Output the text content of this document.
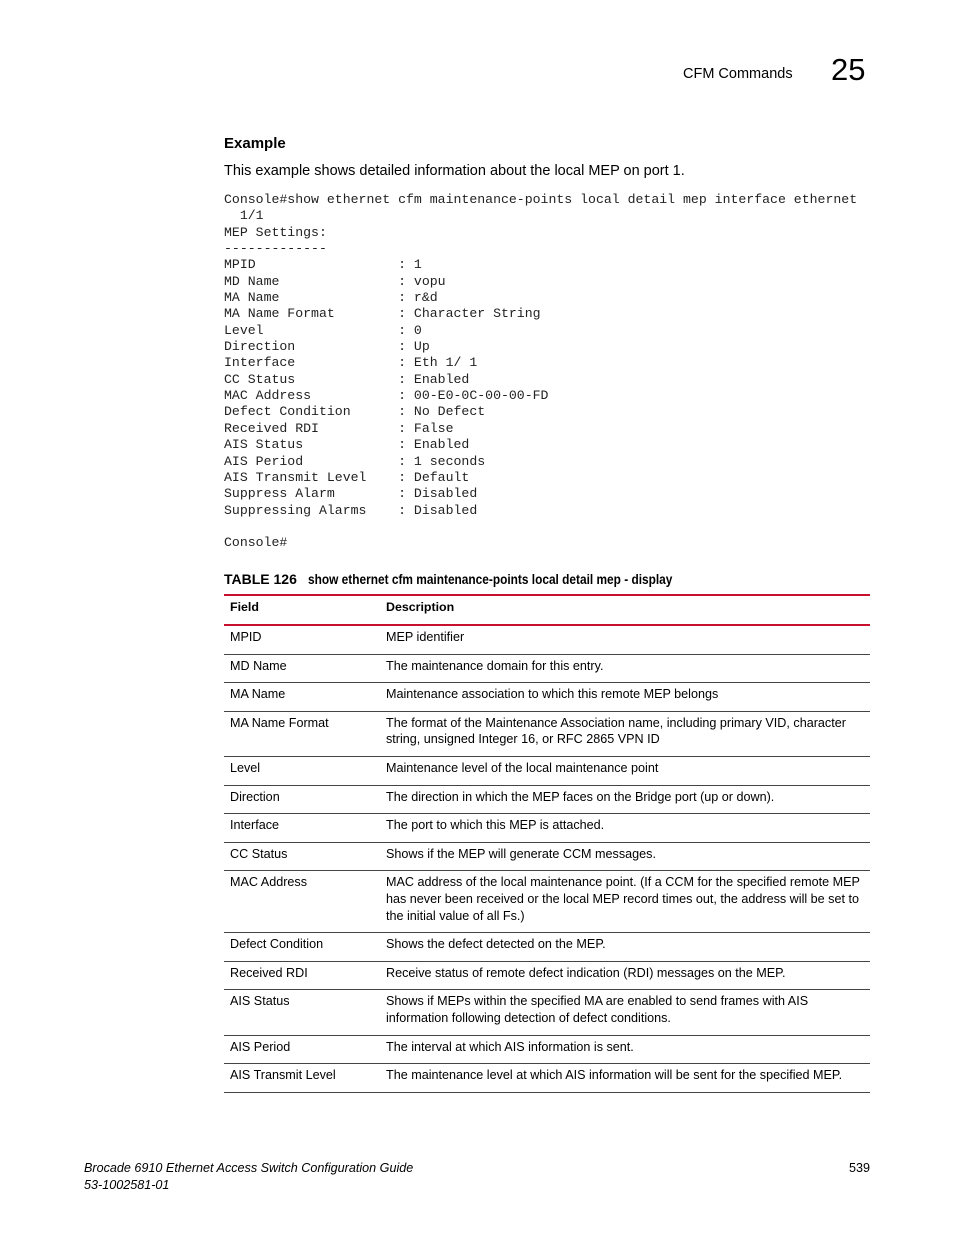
CFM Commands 25
Example
This example shows detailed information about the local MEP on port 1.
Console#show ethernet cfm maintenance-points local detail mep interface ethernet
1/1
MEP Settings:
-------------
MPID                  : 1
MD Name               : vopu
MA Name               : r&d
MA Name Format        : Character String
Level                 : 0
Direction             : Up
Interface             : Eth 1/ 1
CC Status             : Enabled
MAC Address           : 00-E0-0C-00-00-FD
Defect Condition      : No Defect
Received RDI          : False
AIS Status            : Enabled
AIS Period            : 1 seconds
AIS Transmit Level    : Default
Suppress Alarm        : Disabled
Suppressing Alarms    : Disabled

Console#
TABLE 126 show ethernet cfm maintenance-points local detail mep - display
Field	Description
MPID	MEP identifier
MD Name	The maintenance domain for this entry.
MA Name	Maintenance association to which this remote MEP belongs
MA Name Format	The format of the Maintenance Association name, including primary VID, character string, unsigned Integer 16, or RFC 2865 VPN ID
Level	Maintenance level of the local maintenance point
Direction	The direction in which the MEP faces on the Bridge port (up or down).
Interface	The port to which this MEP is attached.
CC Status	Shows if the MEP will generate CCM messages.
MAC Address	MAC address of the local maintenance point. (If a CCM for the specified remote MEP has never been received or the local MEP record times out, the address will be set to the initial value of all Fs.)
Defect Condition	Shows the defect detected on the MEP.
Received RDI	Receive status of remote defect indication (RDI) messages on the MEP.
AIS Status	Shows if MEPs within the specified MA are enabled to send frames with AIS information following detection of defect conditions.
AIS Period	The interval at which AIS information is sent.
AIS Transmit Level	The maintenance level at which AIS information will be sent for the specified MEP.
Brocade 6910 Ethernet Access Switch Configuration Guide
53-1002581-01
539
